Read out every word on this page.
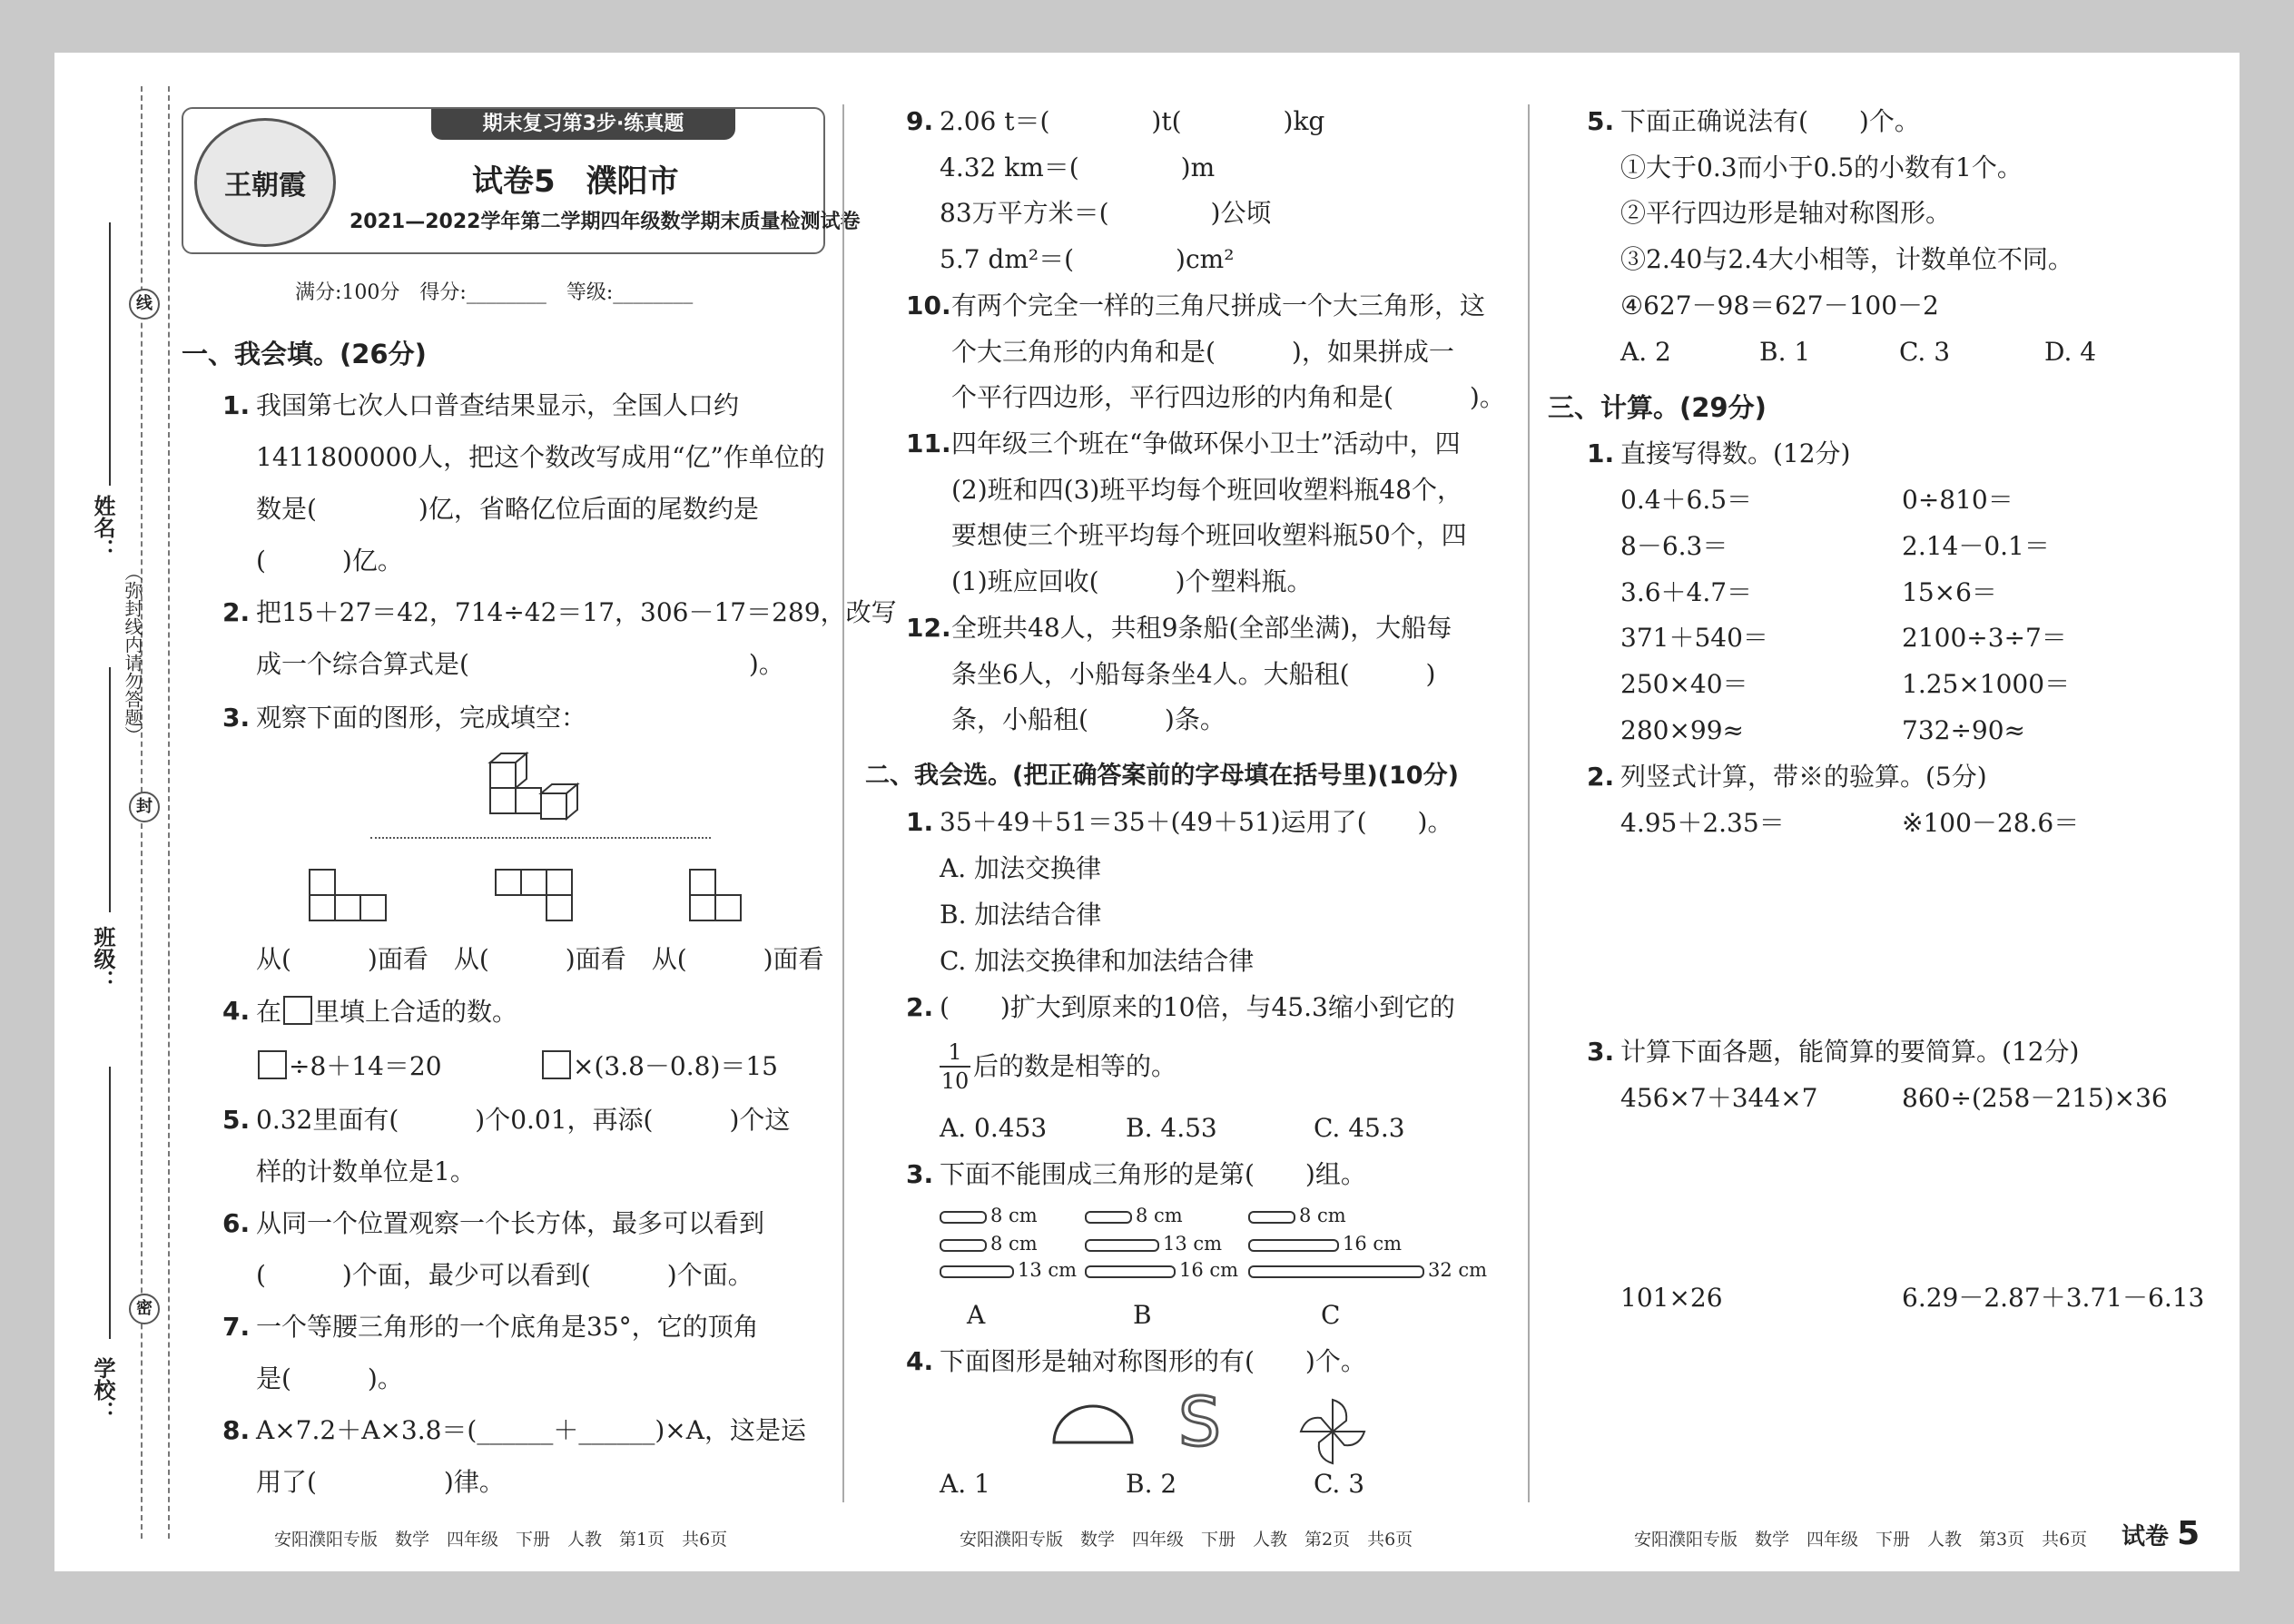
学校：
班级：
姓名：
线
封
密
（弥封线内请勿答题）
王朝霞
期末复习第3步·练真题
试卷5　濮阳市
2021—2022学年第二学期四年级数学期末质量检测试卷
满分:100分　得分:________　等级:________
一、我会填。(26分)
1. 我国第七次人口普查结果显示，全国人口约
1411800000人，把这个数改写成用“亿”作单位的
数是(　　　　)亿，省略亿位后面的尾数约是
(　　　)亿。
2. 把15＋27＝42，714÷42＝17，306－17＝289，改写
成一个综合算式是(　　　　　　　　　　　)。
3. 观察下面的图形，完成填空：
从(　　　)面看　从(　　　)面看　从(　　　)面看
4. 在 里填上合适的数。
÷8＋14＝20	×(3.8－0.8)＝15
5. 0.32里面有(　　　)个0.01，再添(　　　)个这
样的计数单位是1。
6. 从同一个位置观察一个长方体，最多可以看到
(　　　)个面，最少可以看到(　　　)个面。
7. 一个等腰三角形的一个底角是35°，它的顶角
是(　　　)。
8. A×7.2＋A×3.8＝(______＋______)×A，这是运
用了(　　　　　)律。
9. 2.06 t＝(　　　　)t(　　　　)kg
4.32 km＝(　　　　)m
83万平方米＝(　　　　)公顷
5.7 dm²＝(　　　　)cm²
10. 有两个完全一样的三角尺拼成一个大三角形，这
个大三角形的内角和是(　　　)，如果拼成一
个平行四边形，平行四边形的内角和是(　　　)。
11. 四年级三个班在“争做环保小卫士”活动中，四
(2)班和四(3)班平均每个班回收塑料瓶48个，
要想使三个班平均每个班回收塑料瓶50个，四
(1)班应回收(　　　)个塑料瓶。
12. 全班共48人，共租9条船(全部坐满)，大船每
条坐6人，小船每条坐4人。大船租(　　　)
条，小船租(　　　)条。
二、我会选。(把正确答案前的字母填在括号里)(10分)
1. 35＋49＋51＝35＋(49＋51)运用了(　　)。
A. 加法交换律
B. 加法结合律
C. 加法交换律和加法结合律
2. (　　)扩大到原来的10倍，与45.3缩小到它的
$\frac{1}{10}$ 后的数是相等的。
A. 0.453	B. 4.53	C. 45.3
3. 下面不能围成三角形的是第(　　)组。
8 cm
8 cm
13 cm
8 cm
13 cm
16 cm
8 cm
16 cm
32 cm
A	B	C
4. 下面图形是轴对称图形的有(　　)个。
S
A. 1	B. 2	C. 3
5. 下面正确说法有(　　)个。
①大于0.3而小于0.5的小数有1个。
②平行四边形是轴对称图形。
③2.40与2.4大小相等，计数单位不同。
④627－98＝627－100－2
A. 2	B. 1	C. 3	D. 4
三、计算。(29分)
1. 直接写得数。(12分)
0.4＋6.5＝	0÷810＝
8－6.3＝	2.14－0.1＝
3.6＋4.7＝	15×6＝
371＋540＝	2100÷3÷7＝
250×40＝	1.25×1000＝
280×99≈	732÷90≈
2. 列竖式计算，带※的验算。(5分)
4.95＋2.35＝	※100－28.6＝
3. 计算下面各题，能简算的要简算。(12分)
456×7＋344×7	860÷(258－215)×36
101×26	6.29－2.87＋3.71－6.13
安阳濮阳专版　数学　四年级　下册　人教　第1页　共6页	安阳濮阳专版　数学　四年级　下册　人教　第2页　共6页	安阳濮阳专版　数学　四年级　下册　人教　第3页　共6页 试卷 5
